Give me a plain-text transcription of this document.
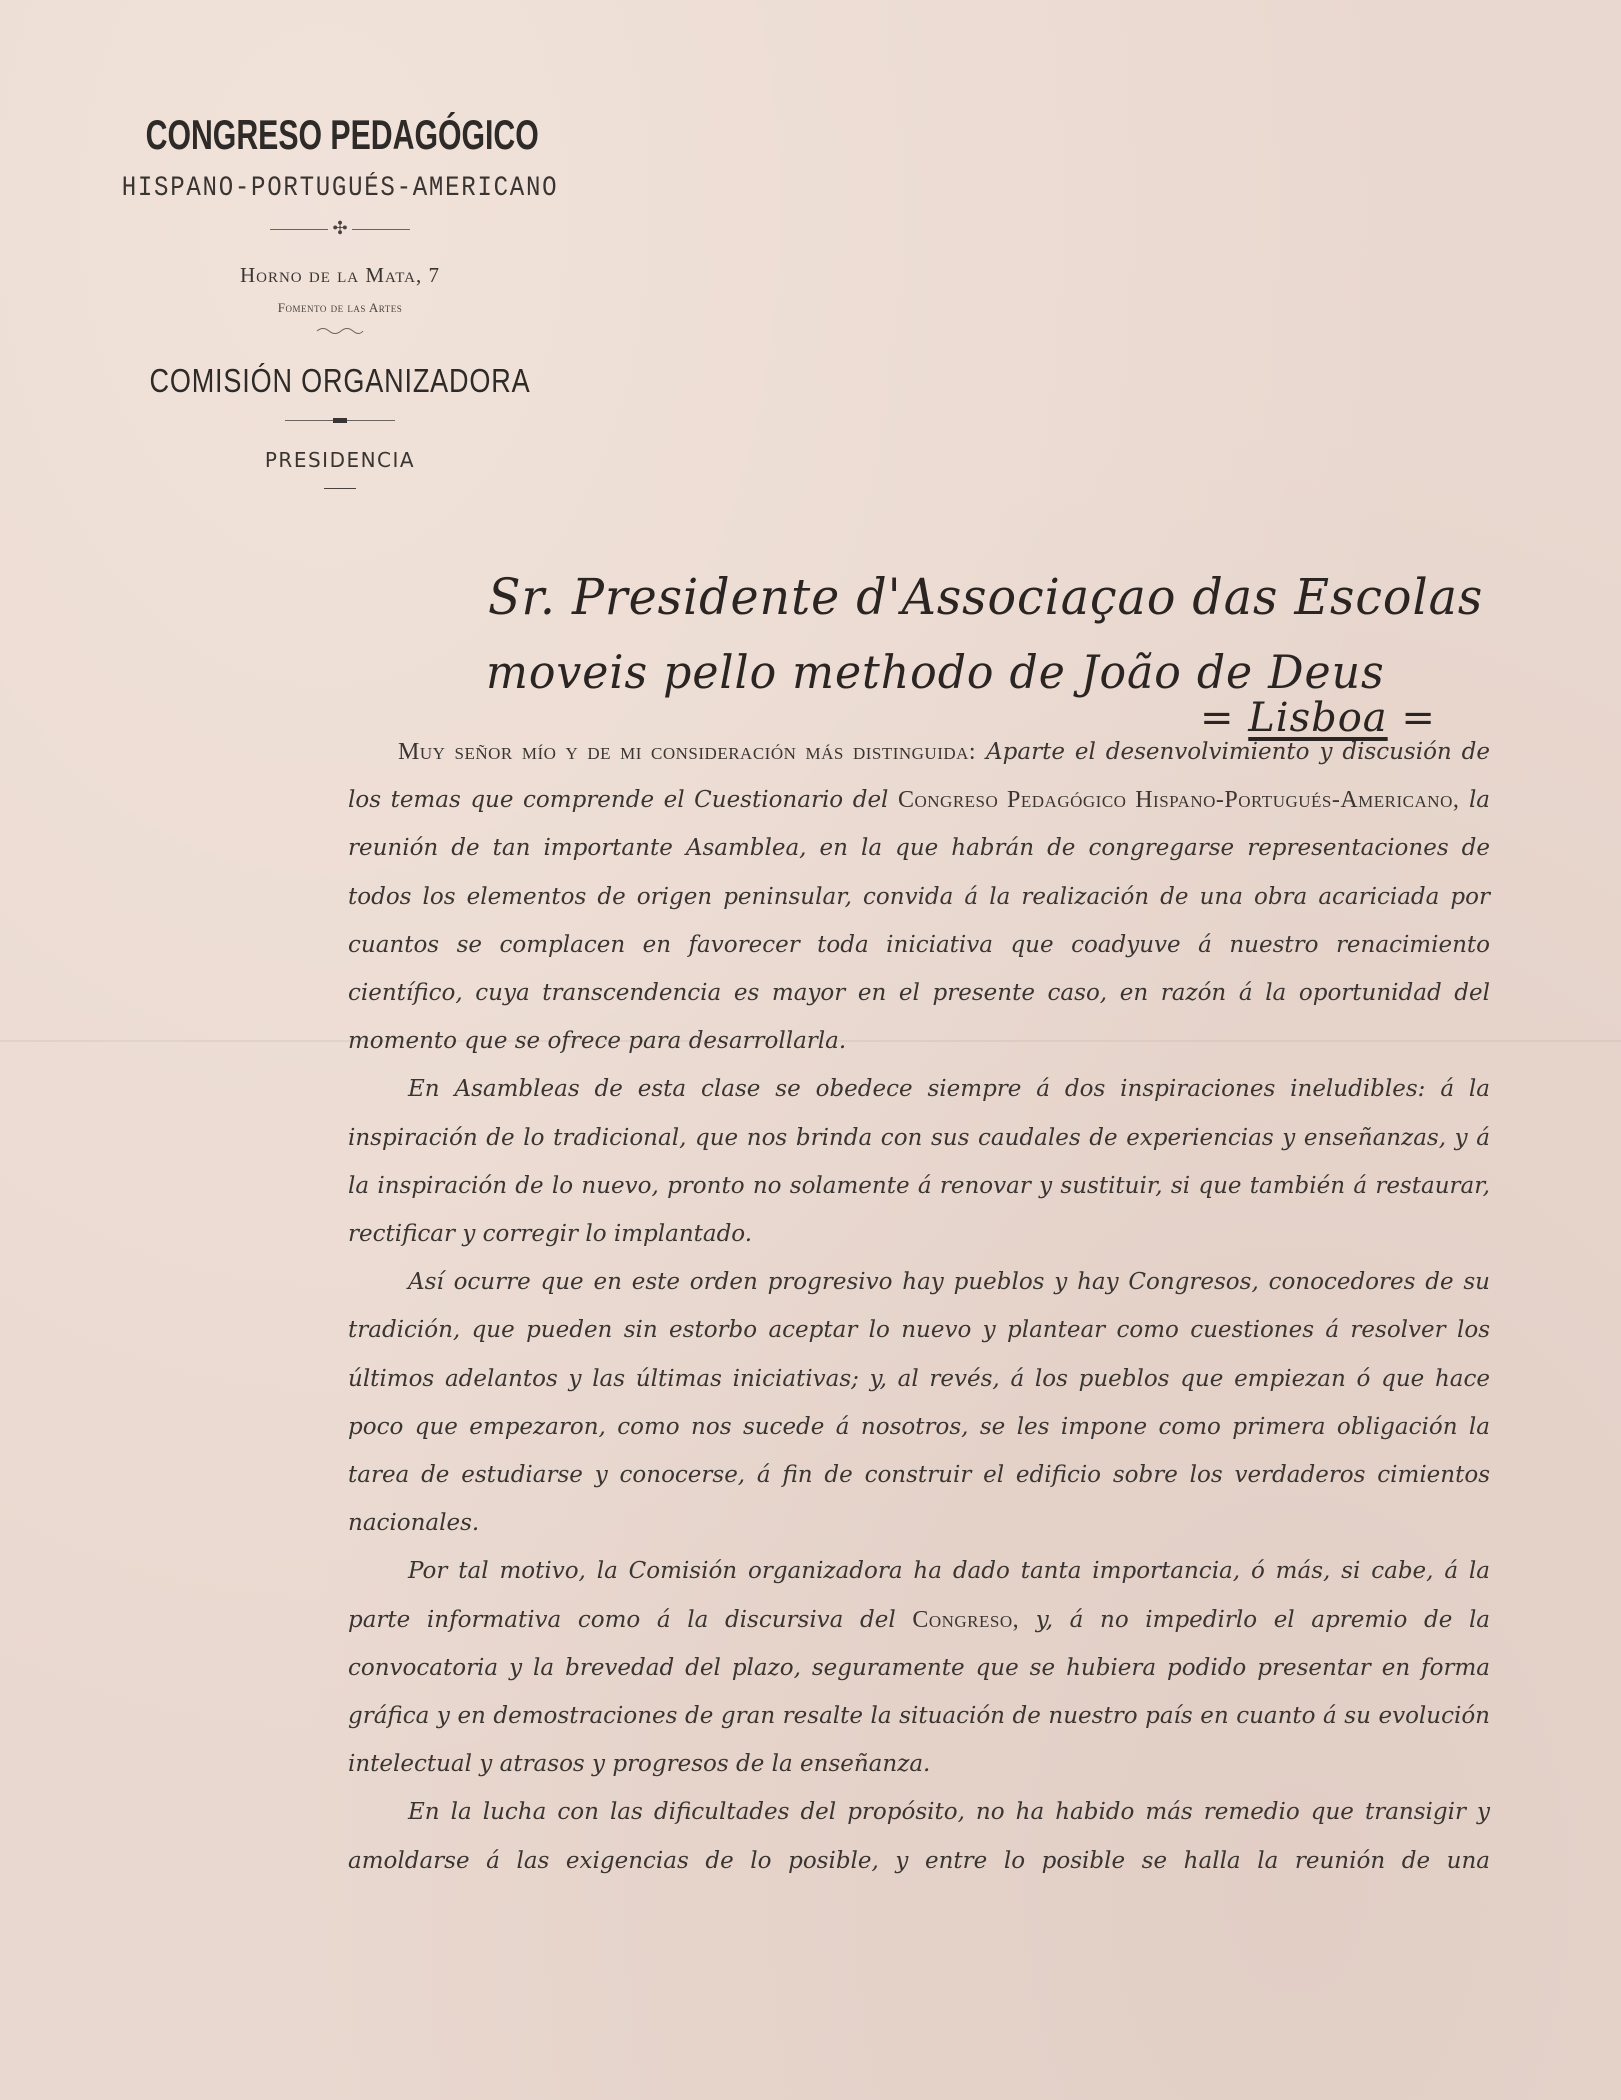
CONGRESO PEDAGÓGICO
HISPANO-PORTUGUÉS-AMERICANO
✣
Horno de la Mata, 7
Fomento de las Artes
COMISIÓN ORGANIZADORA
PRESIDENCIA
Sr. Presidente d'Associaçao das Escolas
moveis pello methodo de João de Deus
= Lisboa =

Muy señor mío y de mi consideración más distinguida: Aparte el desenvolvimiento y discusión de los temas que comprende el Cuestionario del Congreso Pedagógico Hispano-Portugués-Americano, la reunión de tan importante Asamblea, en la que habrán de congregarse representaciones de todos los elementos de origen peninsular, convida á la realización de una obra acariciada por cuantos se complacen en favorecer toda iniciativa que coadyuve á nuestro renacimiento científico, cuya transcendencia es mayor en el presente caso, en razón á la oportunidad del momento que se ofrece para desarrollarla.

En Asambleas de esta clase se obedece siempre á dos inspiraciones ineludibles: á la inspiración de lo tradicional, que nos brinda con sus caudales de experiencias y enseñanzas, y á la inspiración de lo nuevo, pronto no solamente á renovar y sustituir, si que también á restaurar, rectificar y corregir lo implantado.

Así ocurre que en este orden progresivo hay pueblos y hay Congresos, conocedores de su tradición, que pueden sin estorbo aceptar lo nuevo y plantear como cuestiones á resolver los últimos adelantos y las últimas iniciativas; y, al revés, á los pueblos que empiezan ó que hace poco que empezaron, como nos sucede á nosotros, se les impone como primera obligación la tarea de estudiarse y conocerse, á fin de construir el edificio sobre los verdaderos cimientos nacionales.

Por tal motivo, la Comisión organizadora ha dado tanta importancia, ó más, si cabe, á la parte informativa como á la discursiva del Congreso, y, á no impedirlo el apremio de la convocatoria y la brevedad del plazo, seguramente que se hubiera podido presentar en forma gráfica y en demostraciones de gran resalte la situación de nuestro país en cuanto á su evolución intelectual y atrasos y progresos de la enseñanza.

En la lucha con las dificultades del propósito, no ha habido más remedio que transigir y amoldarse á las exigencias de lo posible, y entre lo posible se halla la reunión de una
